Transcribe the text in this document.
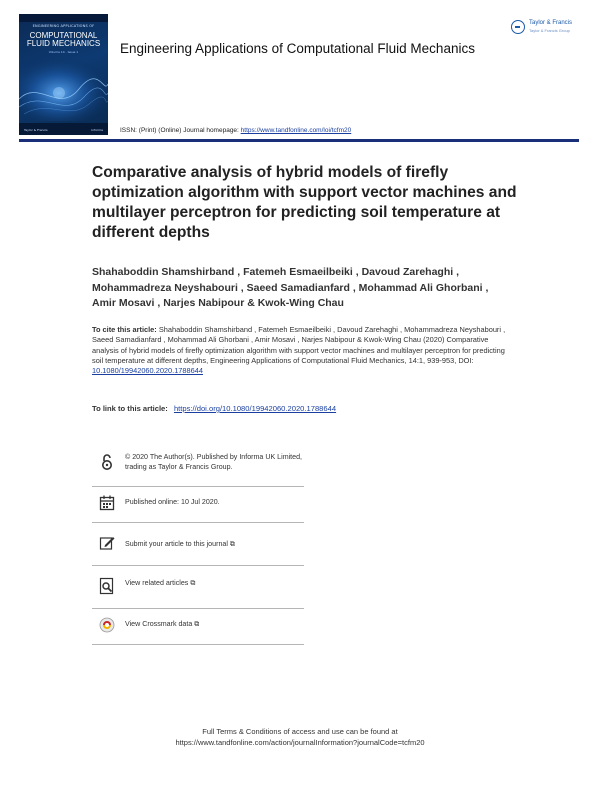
ENGINEERING APPLICATIONS OF
COMPUTATIONAL FLUID MECHANICS
Volume 14 · Issue 1
Taylor & Francis	Informa
Engineering Applications of Computational Fluid Mechanics
Taylor & Francis
Taylor & Francis Group
ISSN: (Print) (Online) Journal homepage: https://www.tandfonline.com/loi/tcfm20
Comparative analysis of hybrid models of firefly optimization algorithm with support vector machines and multilayer perceptron for predicting soil temperature at different depths
Shahaboddin Shamshirband , Fatemeh Esmaeilbeiki , Davoud Zarehaghi , Mohammadreza Neyshabouri , Saeed Samadianfard , Mohammad Ali Ghorbani , Amir Mosavi , Narjes Nabipour & Kwok-Wing Chau
To cite this article: Shahaboddin Shamshirband , Fatemeh Esmaeilbeiki , Davoud Zarehaghi , Mohammadreza Neyshabouri , Saeed Samadianfard , Mohammad Ali Ghorbani , Amir Mosavi , Narjes Nabipour & Kwok-Wing Chau (2020) Comparative analysis of hybrid models of firefly optimization algorithm with support vector machines and multilayer perceptron for predicting soil temperature at different depths, Engineering Applications of Computational Fluid Mechanics, 14:1, 939-953, DOI: 10.1080/19942060.2020.1788644
To link to this article: https://doi.org/10.1080/19942060.2020.1788644
© 2020 The Author(s). Published by Informa UK Limited, trading as Taylor & Francis Group.
Published online: 10 Jul 2020.
Submit your article to this journal ⧉
View related articles ⧉
View Crossmark data ⧉
Full Terms & Conditions of access and use can be found at
https://www.tandfonline.com/action/journalInformation?journalCode=tcfm20
